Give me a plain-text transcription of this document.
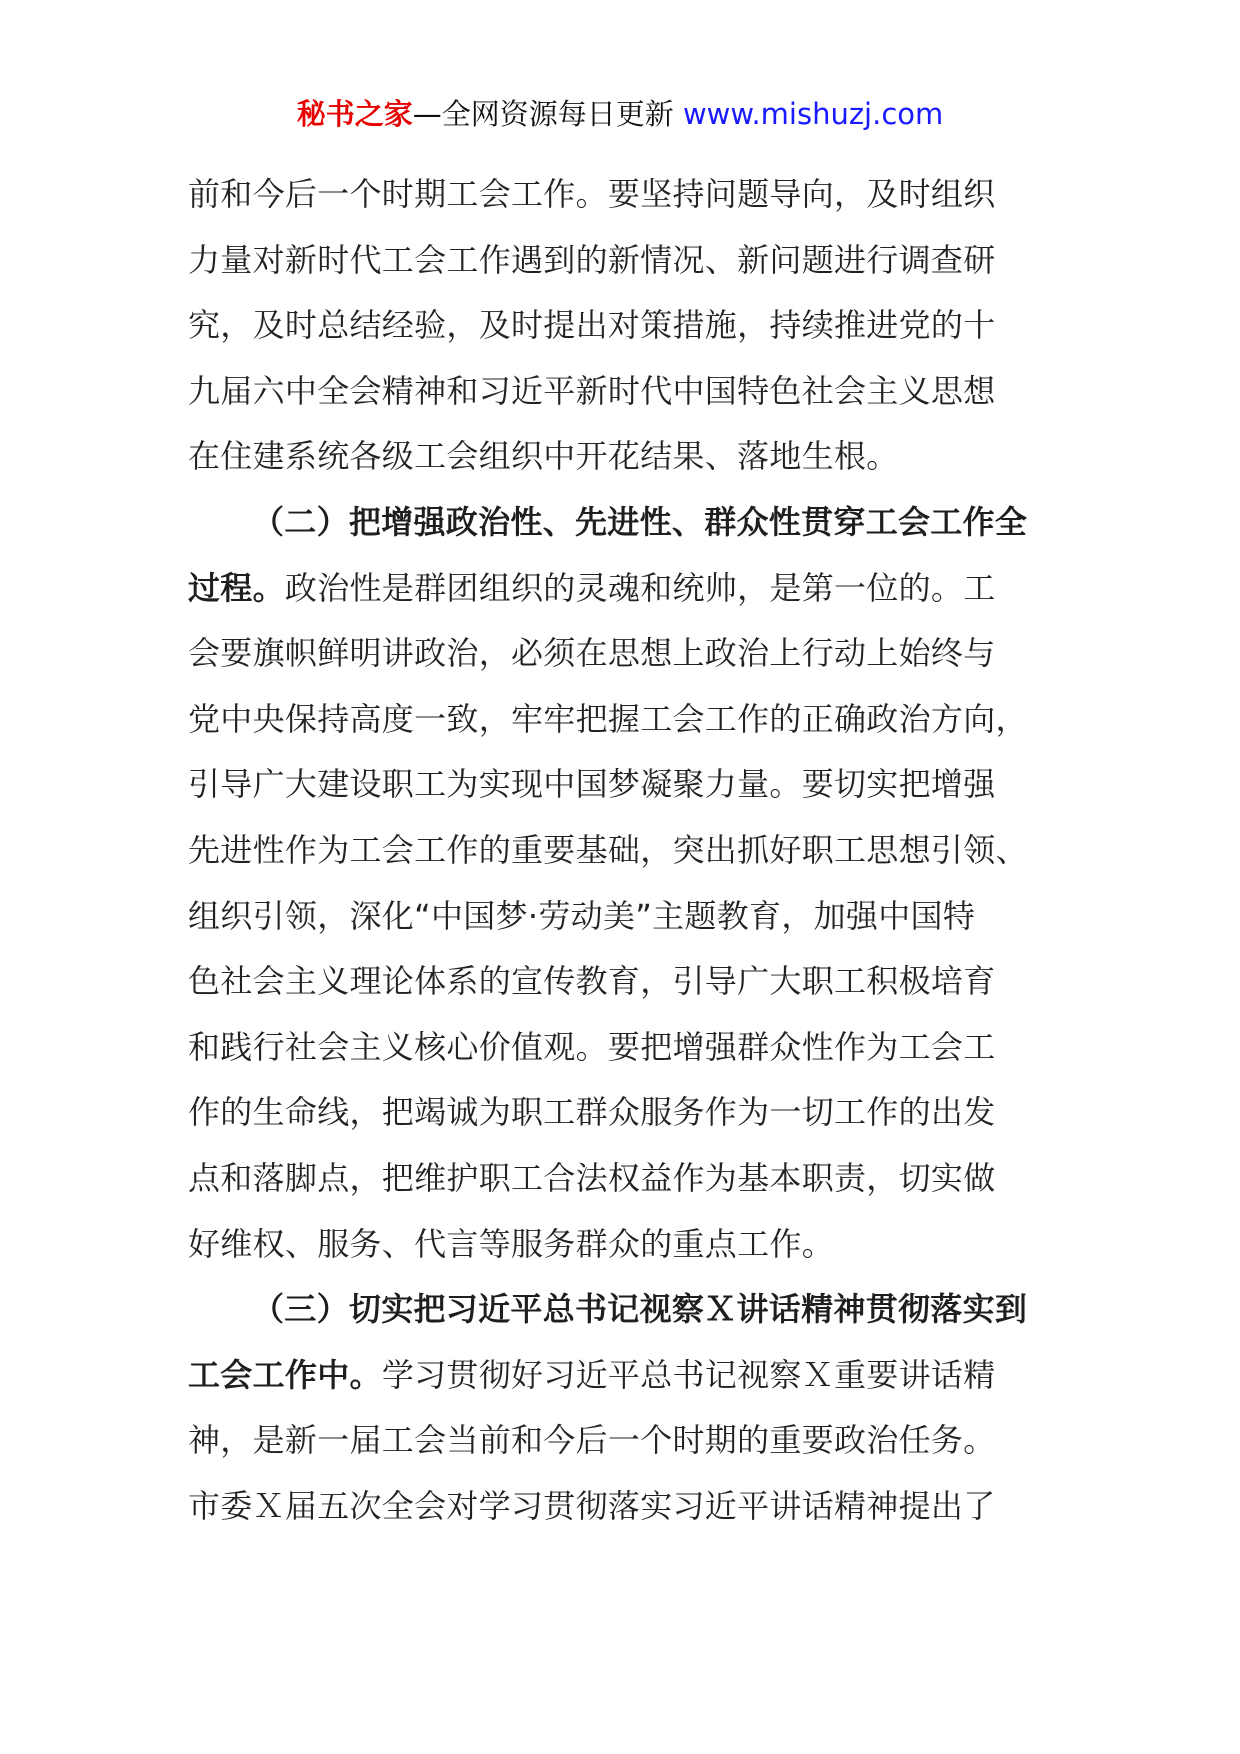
秘书之家—全网资源每日更新 www.mishuzj.com
前和今后一个时期工会工作。要坚持问题导向，及时组织
力量对新时代工会工作遇到的新情况、新问题进行调查研
究，及时总结经验，及时提出对策措施，持续推进党的十
九届六中全会精神和习近平新时代中国特色社会主义思想
在住建系统各级工会组织中开花结果、落地生根。
（二）把增强政治性、先进性、群众性贯穿工会工作全
过程。政治性是群团组织的灵魂和统帅，是第一位的。工
会要旗帜鲜明讲政治，必须在思想上政治上行动上始终与
党中央保持高度一致，牢牢把握工会工作的正确政治方向，
引导广大建设职工为实现中国梦凝聚力量。要切实把增强
先进性作为工会工作的重要基础，突出抓好职工思想引领、
组织引领，深化“中国梦·劳动美”主题教育，加强中国特
色社会主义理论体系的宣传教育，引导广大职工积极培育
和践行社会主义核心价值观。要把增强群众性作为工会工
作的生命线，把竭诚为职工群众服务作为一切工作的出发
点和落脚点，把维护职工合法权益作为基本职责，切实做
好维权、服务、代言等服务群众的重点工作。
（三）切实把习近平总书记视察Ｘ讲话精神贯彻落实到
工会工作中。学习贯彻好习近平总书记视察Ｘ重要讲话精
神，是新一届工会当前和今后一个时期的重要政治任务。
市委Ｘ届五次全会对学习贯彻落实习近平讲话精神提出了
